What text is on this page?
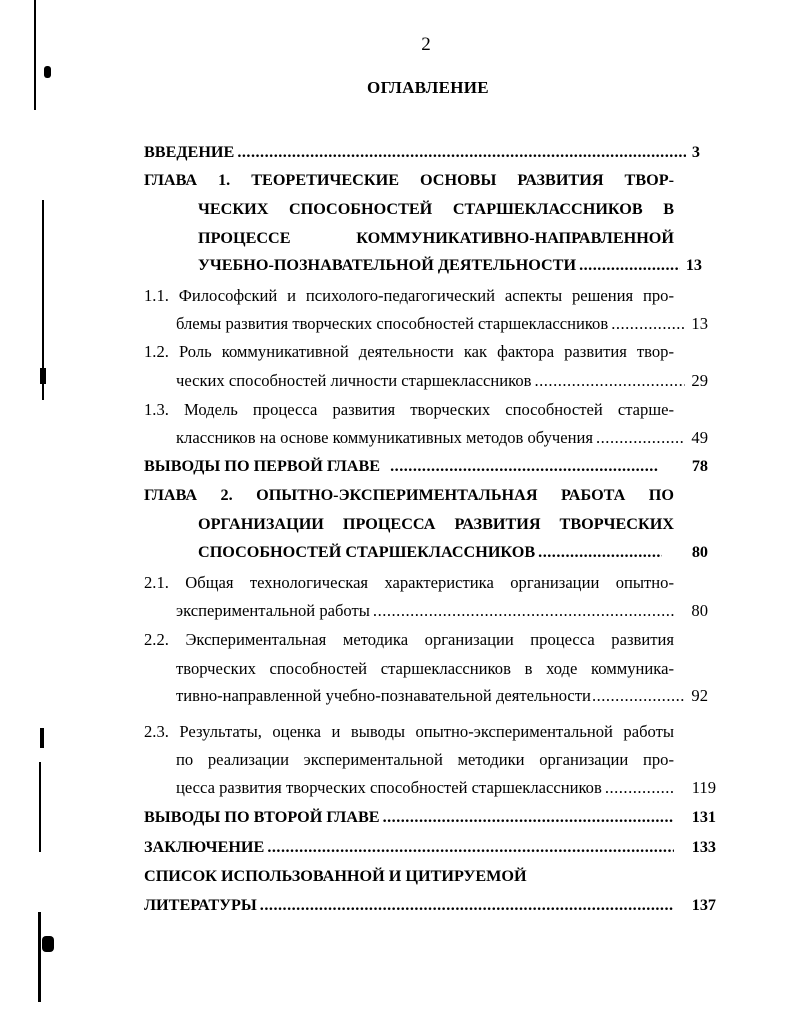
2
ОГЛАВЛЕНИЕ
ВВЕДЕНИЕ .....	3
ГЛАВА 1. ТЕОРЕТИЧЕСКИЕ ОСНОВЫ РАЗВИТИЯ ТВОР-
ЧЕСКИХ СПОСОБНОСТЕЙ СТАРШЕКЛАССНИКОВ В
ПРОЦЕССЕ КОММУНИКАТИВНО-НАПРАВЛЕННОЙ
УЧЕБНО-ПОЗНАВАТЕЛЬНОЙ ДЕЯТЕЛЬНОСТИ .....	13
1.1. Философский и психолого-педагогический аспекты решения про-
блемы развития творческих способностей старшеклассников .....	13
1.2. Роль коммуникативной деятельности как фактора развития твор-
ческих способностей личности старшеклассников .....	29
1.3. Модель процесса развития творческих способностей старше-
классников на основе коммуникативных методов обучения .....	49
ВЫВОДЫ ПО ПЕРВОЙ ГЛАВЕ .....	78
ГЛАВА 2. ОПЫТНО-ЭКСПЕРИМЕНТАЛЬНАЯ РАБОТА ПО
ОРГАНИЗАЦИИ ПРОЦЕССА РАЗВИТИЯ ТВОРЧЕСКИХ
СПОСОБНОСТЕЙ СТАРШЕКЛАССНИКОВ .....	80
2.1. Общая технологическая характеристика организации опытно-
экспериментальной работы .....	80
2.2. Экспериментальная методика организации процесса развития
творческих способностей старшеклассников в ходе коммуника-
тивно-направленной учебно-познавательной деятельности .....	92
2.3. Результаты, оценка и выводы опытно-экспериментальной работы
по реализации экспериментальной методики организации про-
цесса развития творческих способностей старшеклассников .....	119
ВЫВОДЫ ПО ВТОРОЙ ГЛАВЕ .....	131
ЗАКЛЮЧЕНИЕ .....	133
СПИСОК ИСПОЛЬЗОВАННОЙ И ЦИТИРУЕМОЙ
ЛИТЕРАТУРЫ .....	137
